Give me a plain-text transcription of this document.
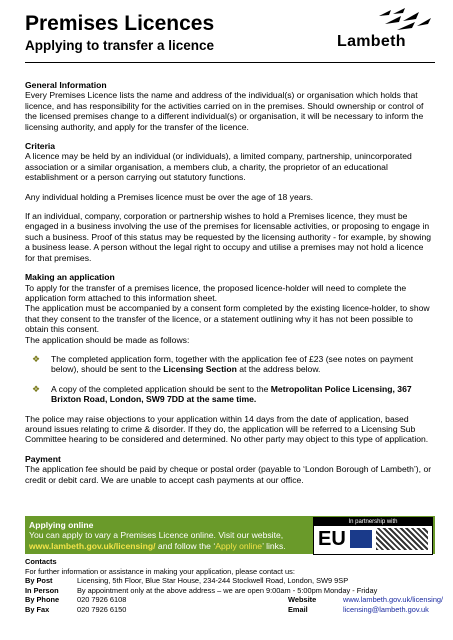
Premises Licences
Applying to transfer a licence	Lambeth

General Information

Every Premises Licence lists the name and address of the individual(s) or organisation which holds that licence, and has responsibility for the activities carried on in the premises. Should ownership or control of the licensed premises change to a different individual(s) or organisation, it will be necessary to inform the licensing authority, and apply for the transfer of the licence.

Criteria

A licence may be held by an individual (or individuals), a limited company, partnership, unincorporated association or a similar organisation, a members club, a charity, the proprietor of an educational establishment or a person carrying out statutory functions.

Any individual holding a Premises licence must be over the age of 18 years.

If an individual, company, corporation or partnership wishes to hold a Premises licence, they must be engaged in a business involving the use of the premises for licensable activities, or proposing to engage in such a business. Proof of this status may be requested by the licensing authority - for example, by showing a business lease. A person without the legal right to occupy and utilise a premises may not hold a licence for that premises.

Making an application

To apply for the transfer of a premises licence, the proposed licence-holder will need to complete the application form attached to this information sheet.

The application must be accompanied by a consent form completed by the existing licence-holder, to show that they consent to the transfer of the licence, or a statement outlining why it has not been possible to obtain this consent.

The application should be made as follows:

❖ The completed application form, together with the application fee of £23 (see notes on payment below), should be sent to the Licensing Section at the address below.
❖ A copy of the completed application should be sent to the Metropolitan Police Licensing, 367 Brixton Road, London, SW9 7DD at the same time.

The police may raise objections to your application within 14 days from the date of application, based around issues relating to crime & disorder. If they do, the application will be referred to a Licensing Sub Committee hearing to be considered and determined. No other party may object to this type of application.

Payment

The application fee should be paid by cheque or postal order (payable to ‘London Borough of Lambeth’), or credit or debit card. We are unable to accept cash payments at our office.

Applying online
You can apply to vary a Premises Licence online. Visit our website,
www.lambeth.gov.uk/licensing/ and follow the ‘Apply online’ links.
In partnership with
EU
Contacts
For further information or assistance in making your application, please contact us:
By Post	Licensing, 5th Floor, Blue Star House, 234-244 Stockwell Road, London, SW9 9SP
In Person By appointment only at the above address – we are open 9:00am - 5:00pm Monday - Friday
By Phone 020 7926 6108	Website	www.lambeth.gov.uk/licensing/
By Fax	020 7926 6150	Email	licensing@lambeth.gov.uk
